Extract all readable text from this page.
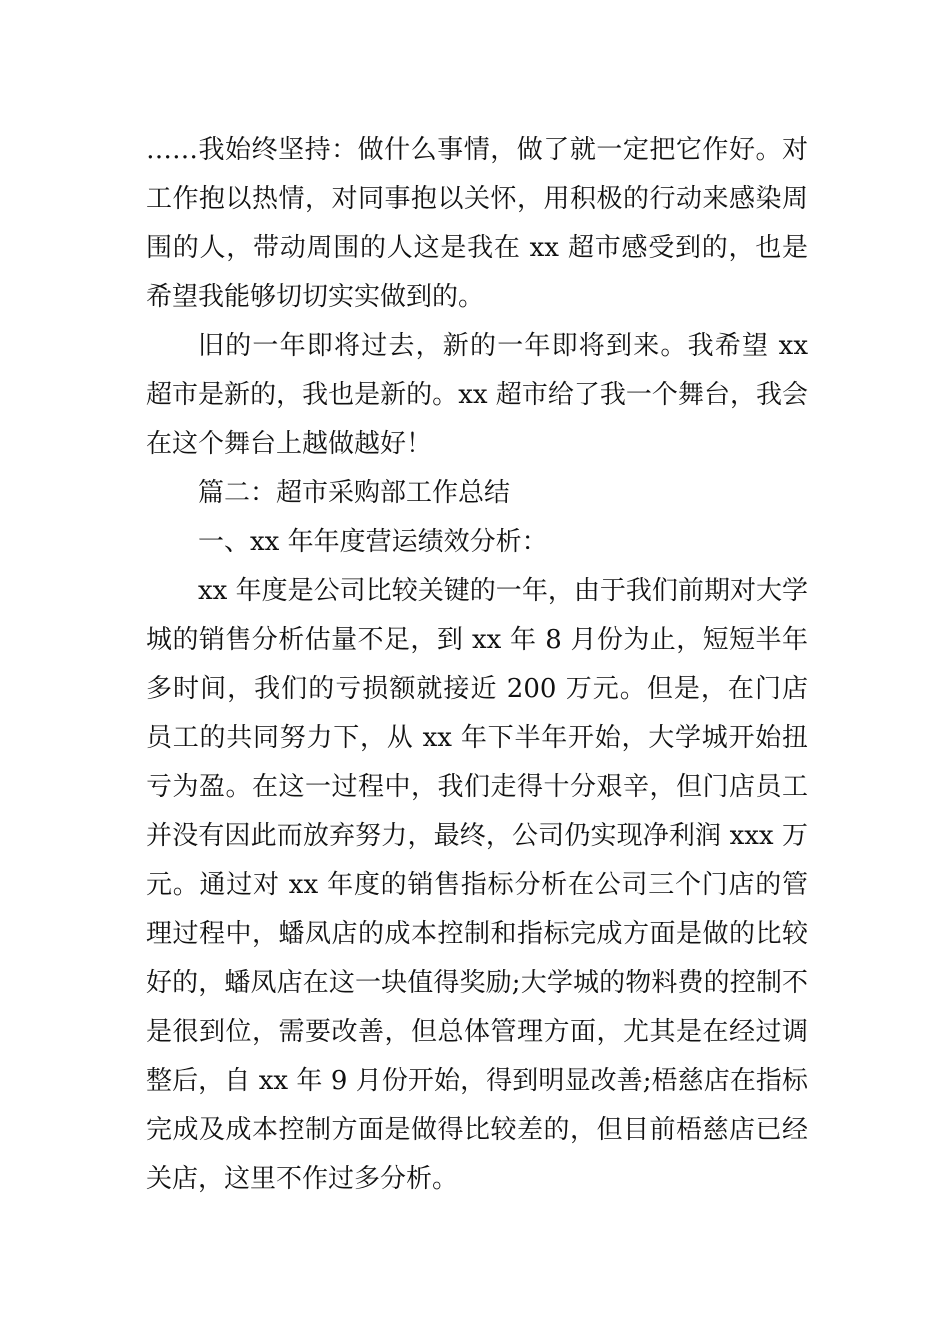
……我始终坚持：做什么事情，做了就一定把它作好。对工作抱以热情，对同事抱以关怀，用积极的行动来感染周围的人，带动周围的人这是我在 xx 超市感受到的，也是希望我能够切切实实做到的。

旧的一年即将过去，新的一年即将到来。我希望 xx 超市是新的，我也是新的。xx 超市给了我一个舞台，我会在这个舞台上越做越好！

篇二：超市采购部工作总结

一、xx 年年度营运绩效分析：

xx 年度是公司比较关键的一年，由于我们前期对大学城的销售分析估量不足，到 xx 年 8 月份为止，短短半年多时间，我们的亏损额就接近 200 万元。但是，在门店员工的共同努力下，从 xx 年下半年开始，大学城开始扭亏为盈。在这一过程中，我们走得十分艰辛，但门店员工并没有因此而放弃努力，最终，公司仍实现净利润 xxx 万元。通过对 xx 年度的销售指标分析在公司三个门店的管理过程中，蟠凤店的成本控制和指标完成方面是做的比较好的，蟠凤店在这一块值得奖励;大学城的物料费的控制不是很到位，需要改善，但总体管理方面，尤其是在经过调整后，自 xx 年 9 月份开始，得到明显改善;梧慈店在指标完成及成本控制方面是做得比较差的，但目前梧慈店已经关店，这里不作过多分析。
